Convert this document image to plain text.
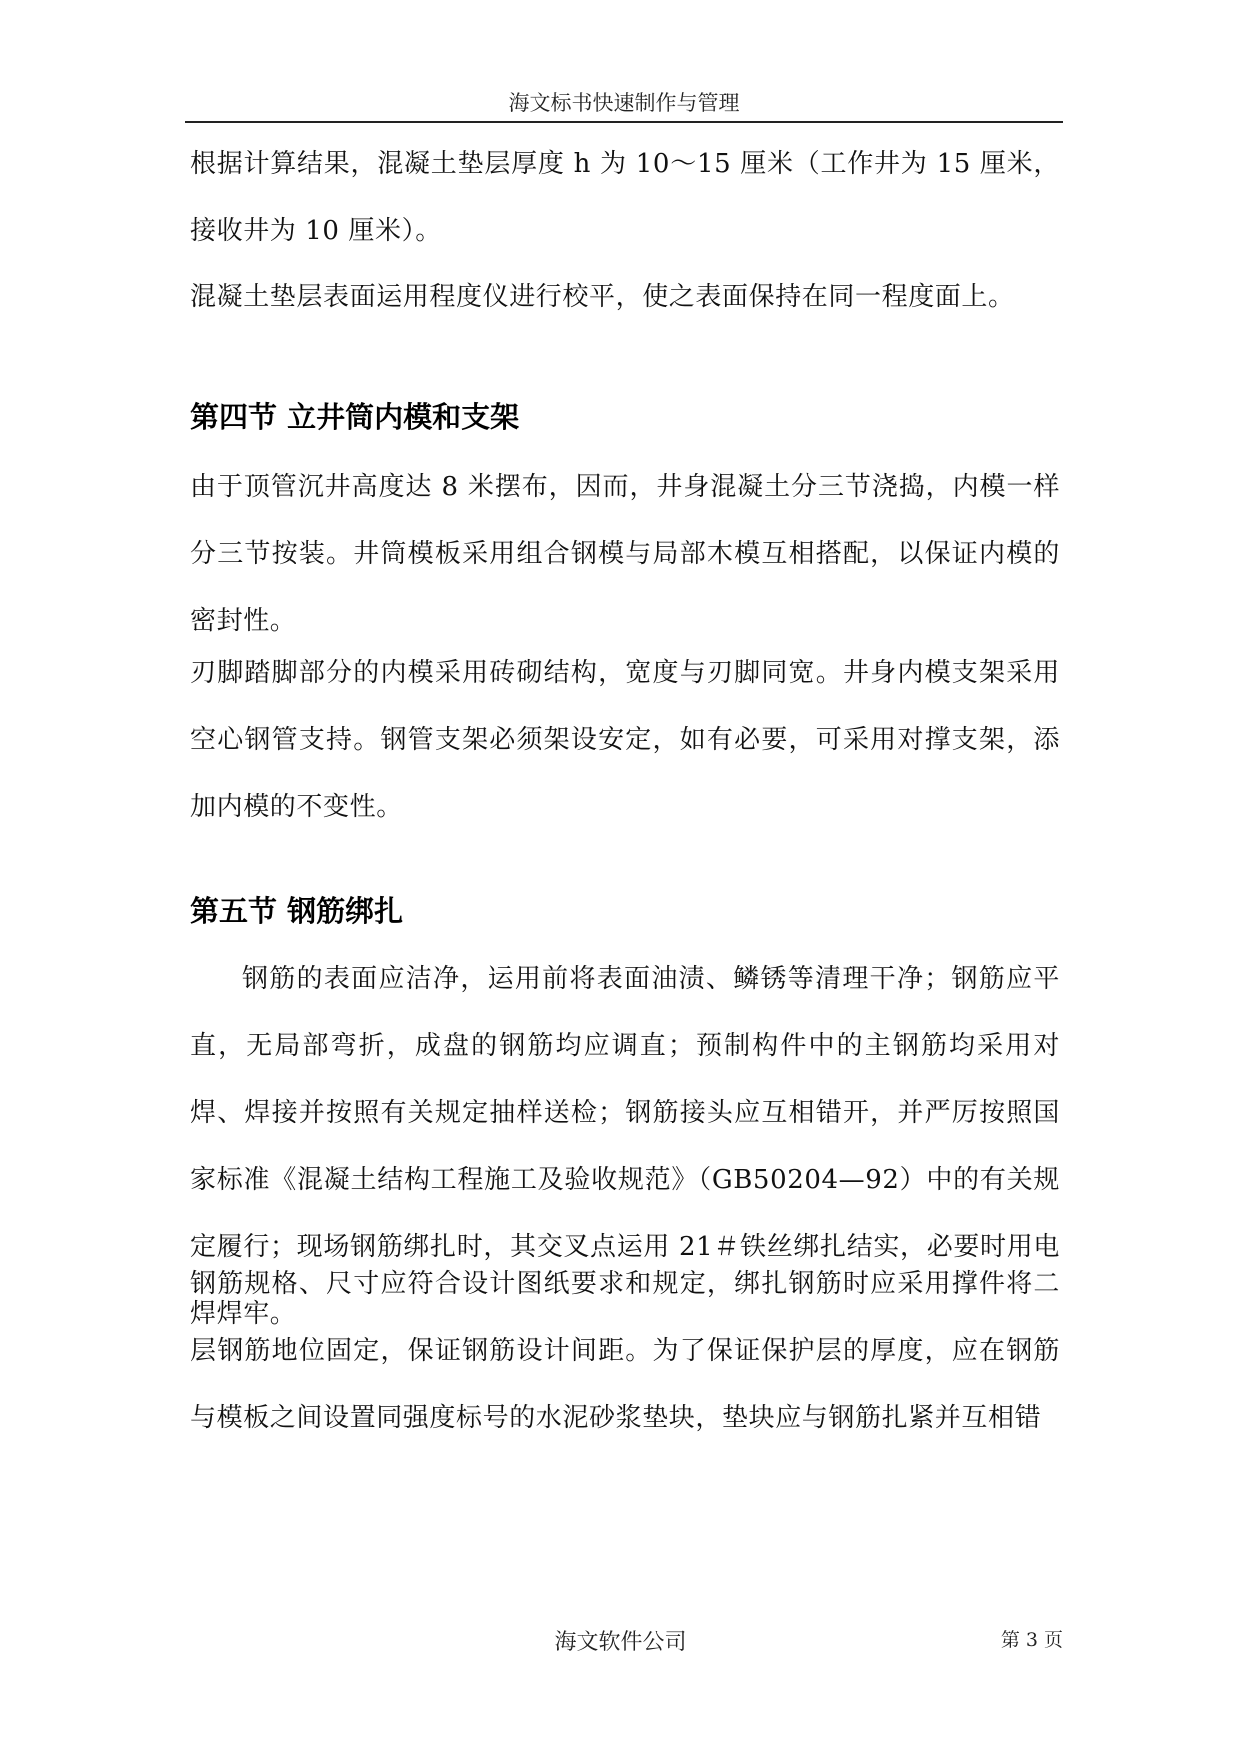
海文标书快速制作与管理

根据计算结果，混凝土垫层厚度 h 为 10～15 厘米（工作井为 15 厘米，接收井为 10 厘米）。

混凝土垫层表面运用程度仪进行校平，使之表面保持在同一程度面上。

第四节 立井筒内模和支架

由于顶管沉井高度达 8 米摆布，因而，井身混凝土分三节浇捣，内模一样分三节按装。井筒模板采用组合钢模与局部木模互相搭配，以保证内模的密封性。

刃脚踏脚部分的内模采用砖砌结构，宽度与刃脚同宽。井身内模支架采用空心钢管支持。钢管支架必须架设安定，如有必要，可采用对撑支架，添加内模的不变性。

第五节 钢筋绑扎

钢筋的表面应洁净，运用前将表面油渍、鳞锈等清理干净；钢筋应平直，无局部弯折，成盘的钢筋均应调直；预制构件中的主钢筋均采用对焊、焊接并按照有关规定抽样送检；钢筋接头应互相错开，并严厉按照国家标准《混凝土结构工程施工及验收规范》（GB50204—92）中的有关规定履行；现场钢筋绑扎时，其交叉点运用 21＃铁丝绑扎结实，必要时用电焊焊牢。

钢筋规格、尺寸应符合设计图纸要求和规定，绑扎钢筋时应采用撑件将二层钢筋地位固定，保证钢筋设计间距。为了保证保护层的厚度，应在钢筋与模板之间设置同强度标号的水泥砂浆垫块，垫块应与钢筋扎紧并互相错

海文软件公司	第 3 页
